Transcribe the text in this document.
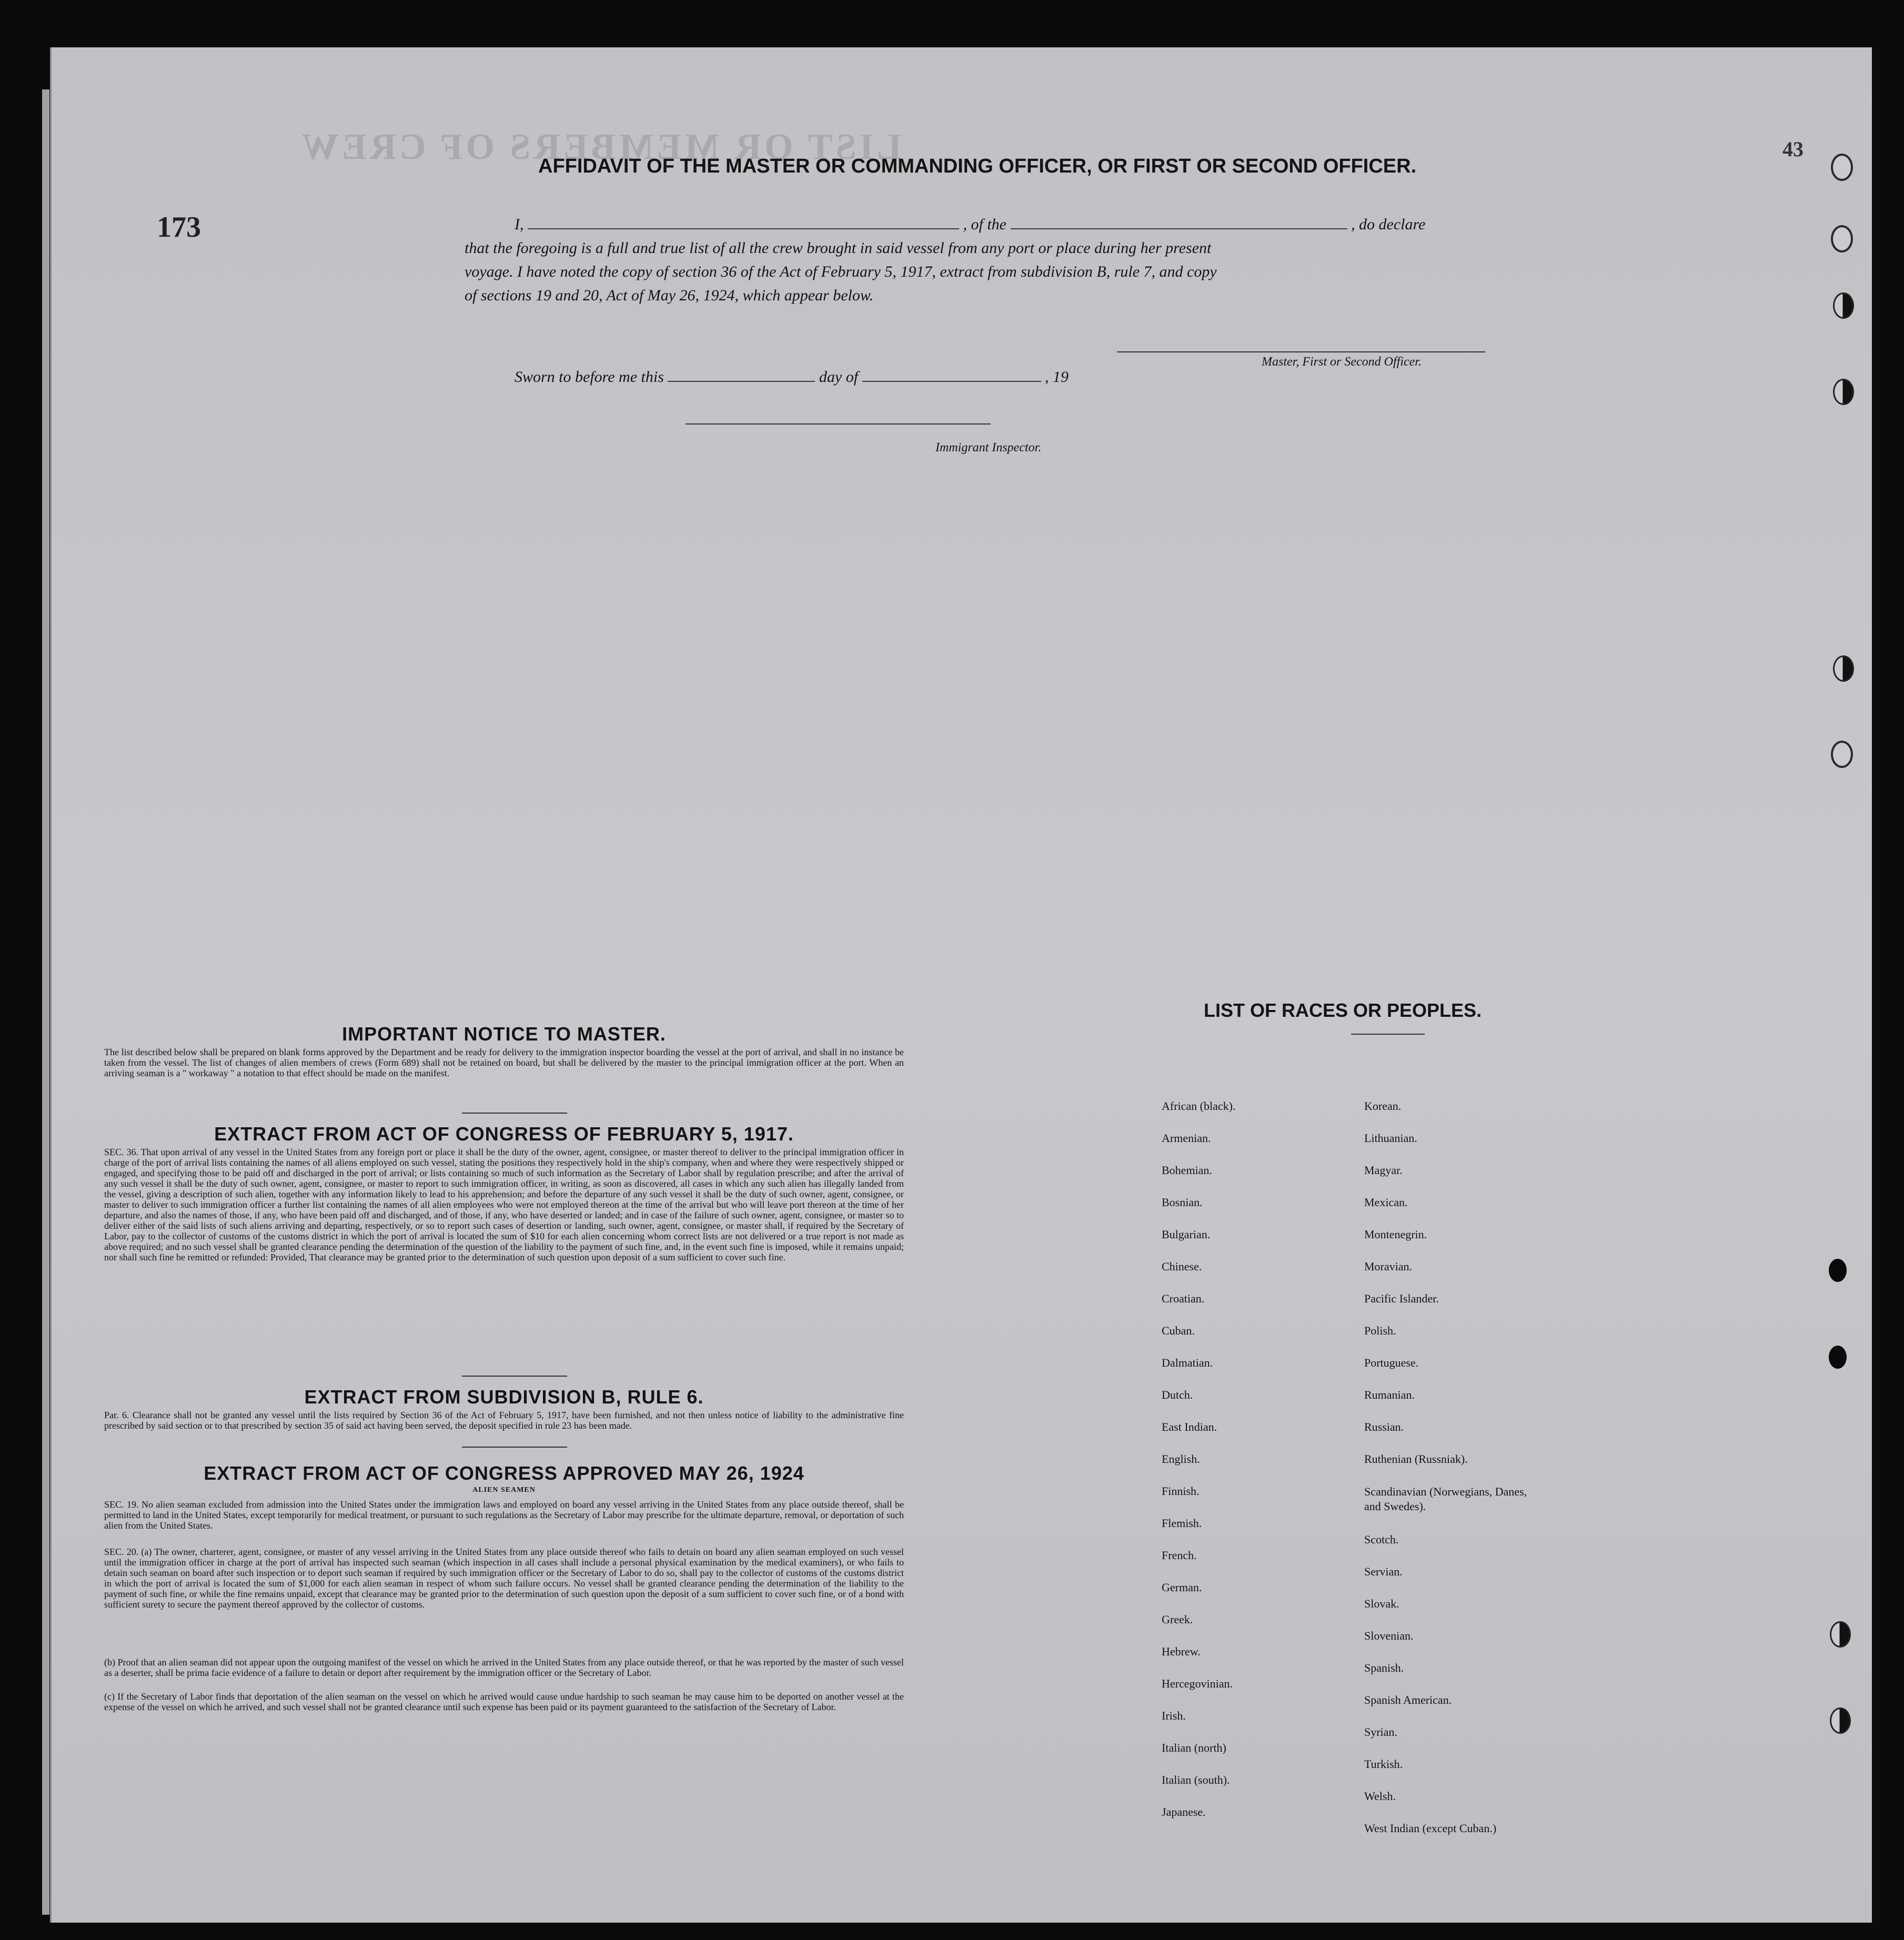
LIST OR MEMBERS OF CREW
173
43
AFFIDAVIT OF THE MASTER OR COMMANDING OFFICER, OR FIRST OR SECOND OFFICER.
I,	, of the	, do declare
that the foregoing is a full and true list of all the crew brought in said vessel from any port or place during her present
voyage. I have noted the copy of section 36 of the Act of February 5, 1917, extract from subdivision B, rule 7, and copy
of sections 19 and 20, Act of May 26, 1924, which appear below.
Master, First or Second Officer.
Sworn to before me this	day of	, 19
Immigrant Inspector.
IMPORTANT NOTICE TO MASTER.
The list described below shall be prepared on blank forms approved by the Department and be ready for delivery to the immigration inspector boarding the vessel at the port of arrival, and shall in no instance be taken from the vessel. The list of changes of alien members of crews (Form 689) shall not be retained on board, but shall be delivered by the master to the principal immigration officer at the port. When an arriving seaman is a " workaway " a notation to that effect should be made on the manifest.
EXTRACT FROM ACT OF CONGRESS OF FEBRUARY 5, 1917.
SEC. 36. That upon arrival of any vessel in the United States from any foreign port or place it shall be the duty of the owner, agent, consignee, or master thereof to deliver to the principal immigration officer in charge of the port of arrival lists containing the names of all aliens employed on such vessel, stating the positions they respectively hold in the ship's company, when and where they were respectively shipped or engaged, and specifying those to be paid off and discharged in the port of arrival; or lists containing so much of such information as the Secretary of Labor shall by regulation prescribe; and after the arrival of any such vessel it shall be the duty of such owner, agent, consignee, or master to report to such immigration officer, in writing, as soon as discovered, all cases in which any such alien has illegally landed from the vessel, giving a description of such alien, together with any information likely to lead to his apprehension; and before the departure of any such vessel it shall be the duty of such owner, agent, consignee, or master to deliver to such immigration officer a further list containing the names of all alien employees who were not employed thereon at the time of the arrival but who will leave port thereon at the time of her departure, and also the names of those, if any, who have been paid off and discharged, and of those, if any, who have deserted or landed; and in case of the failure of such owner, agent, consignee, or master so to deliver either of the said lists of such aliens arriving and departing, respectively, or so to report such cases of desertion or landing, such owner, agent, consignee, or master shall, if required by the Secretary of Labor, pay to the collector of customs of the customs district in which the port of arrival is located the sum of $10 for each alien concerning whom correct lists are not delivered or a true report is not made as above required; and no such vessel shall be granted clearance pending the determination of the question of the liability to the payment of such fine, and, in the event such fine is imposed, while it remains unpaid; nor shall such fine be remitted or refunded: Provided, That clearance may be granted prior to the determination of such question upon deposit of a sum sufficient to cover such fine.
EXTRACT FROM SUBDIVISION B, RULE 6.
Par. 6. Clearance shall not be granted any vessel until the lists required by Section 36 of the Act of February 5, 1917, have been furnished, and not then unless notice of liability to the administrative fine prescribed by said section or to that prescribed by section 35 of said act having been served, the deposit specified in rule 23 has been made.
EXTRACT FROM ACT OF CONGRESS APPROVED MAY 26, 1924
ALIEN SEAMEN
SEC. 19. No alien seaman excluded from admission into the United States under the immigration laws and employed on board any vessel arriving in the United States from any place outside thereof, shall be permitted to land in the United States, except temporarily for medical treatment, or pursuant to such regulations as the Secretary of Labor may prescribe for the ultimate departure, removal, or deportation of such alien from the United States.
SEC. 20. (a) The owner, charterer, agent, consignee, or master of any vessel arriving in the United States from any place outside thereof who fails to detain on board any alien seaman employed on such vessel until the immigration officer in charge at the port of arrival has inspected such seaman (which inspection in all cases shall include a personal physical examination by the medical examiners), or who fails to detain such seaman on board after such inspection or to deport such seaman if required by such immigration officer or the Secretary of Labor to do so, shall pay to the collector of customs of the customs district in which the port of arrival is located the sum of $1,000 for each alien seaman in respect of whom such failure occurs. No vessel shall be granted clearance pending the determination of the liability to the payment of such fine, or while the fine remains unpaid, except that clearance may be granted prior to the determination of such question upon the deposit of a sum sufficient to cover such fine, or of a bond with sufficient surety to secure the payment thereof approved by the collector of customs.
(b) Proof that an alien seaman did not appear upon the outgoing manifest of the vessel on which he arrived in the United States from any place outside thereof, or that he was reported by the master of such vessel as a deserter, shall be prima facie evidence of a failure to detain or deport after requirement by the immigration officer or the Secretary of Labor.
(c) If the Secretary of Labor finds that deportation of the alien seaman on the vessel on which he arrived would cause undue hardship to such seaman he may cause him to be deported on another vessel at the expense of the vessel on which he arrived, and such vessel shall not be granted clearance until such expense has been paid or its payment guaranteed to the satisfaction of the Secretary of Labor.
LIST OF RACES OR PEOPLES.
African (black).
Armenian.
Bohemian.
Bosnian.
Bulgarian.
Chinese.
Croatian.
Cuban.
Dalmatian.
Dutch.
East Indian.
English.
Finnish.
Flemish.
French.
German.
Greek.
Hebrew.
Hercegovinian.
Irish.
Italian (north)
Italian (south).
Japanese.
Korean.
Lithuanian.
Magyar.
Mexican.
Montenegrin.
Moravian.
Pacific Islander.
Polish.
Portuguese.
Rumanian.
Russian.
Ruthenian (Russniak).
Scandinavian (Norwegians, Danes, and Swedes).
Scotch.
Servian.
Slovak.
Slovenian.
Spanish.
Spanish American.
Syrian.
Turkish.
Welsh.
West Indian (except Cuban.)
